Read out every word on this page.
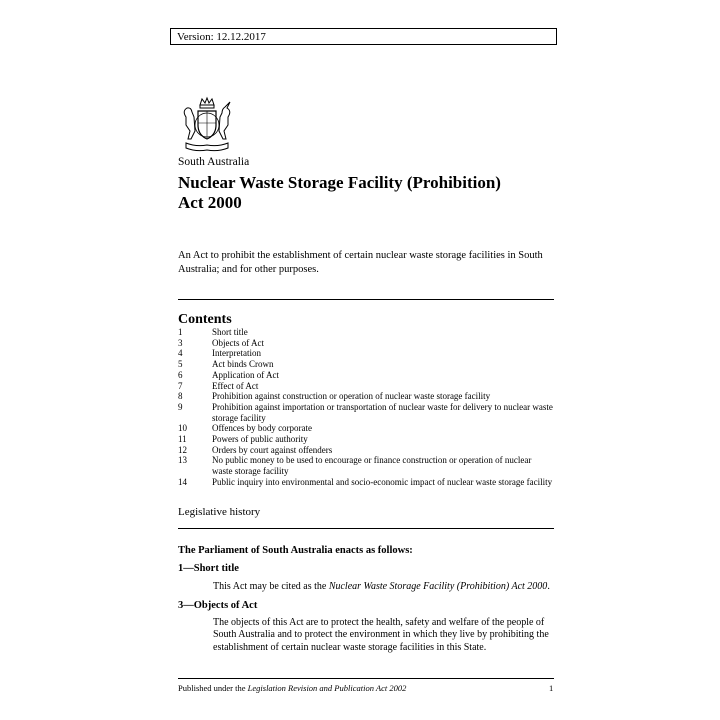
Version: 12.12.2017
South Australia
Nuclear Waste Storage Facility (Prohibition)
Act 2000
An Act to prohibit the establishment of certain nuclear waste storage facilities in South Australia; and for other purposes.
Contents
1	Short title
3	Objects of Act
4	Interpretation
5	Act binds Crown
6	Application of Act
7	Effect of Act
8	Prohibition against construction or operation of nuclear waste storage facility
9	Prohibition against importation or transportation of nuclear waste for delivery to nuclear waste storage facility
10	Offences by body corporate
11	Powers of public authority
12	Orders by court against offenders
13	No public money to be used to encourage or finance construction or operation of nuclear waste storage facility
14	Public inquiry into environmental and socio-economic impact of nuclear waste storage facility
Legislative history
The Parliament of South Australia enacts as follows:
1—Short title
This Act may be cited as the Nuclear Waste Storage Facility (Prohibition) Act 2000.
3—Objects of Act
The objects of this Act are to protect the health, safety and welfare of the people of South Australia and to protect the environment in which they live by prohibiting the establishment of certain nuclear waste storage facilities in this State.
Published under the Legislation Revision and Publication Act 2002	1
